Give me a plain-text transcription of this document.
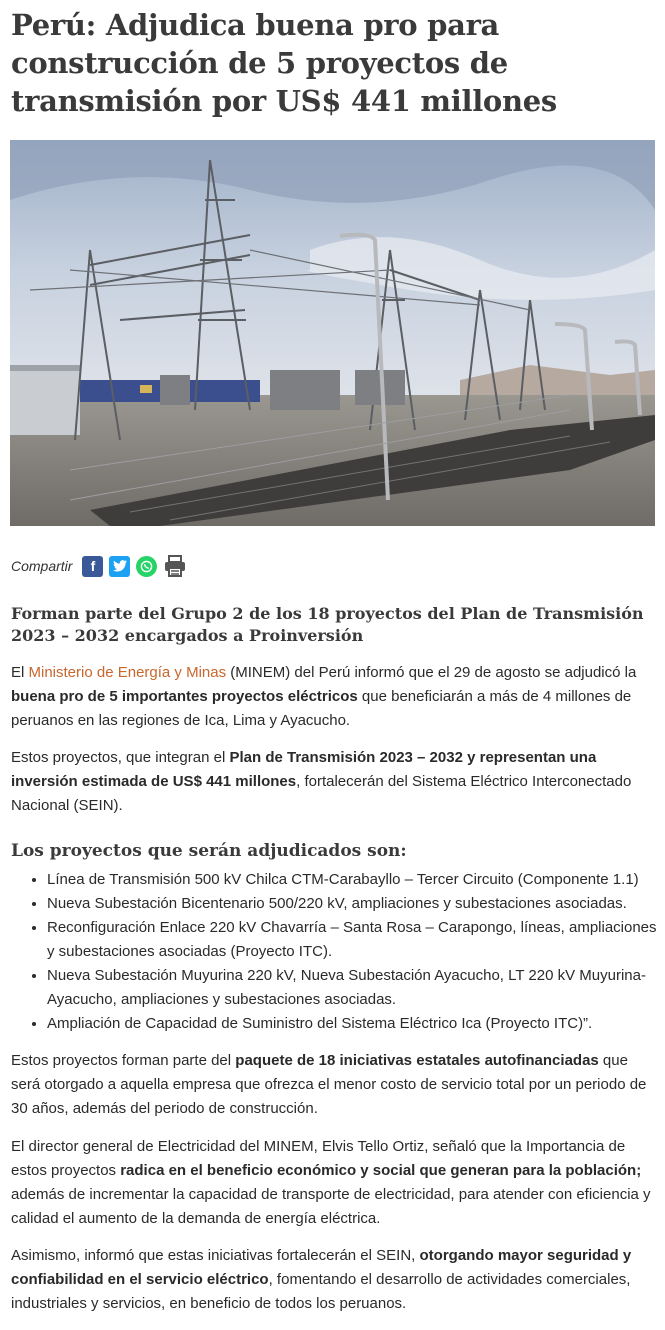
Perú: Adjudica buena pro para construcción de 5 proyectos de transmisión por US$ 441 millones
Compartir	f
Forman parte del Grupo 2 de los 18 proyectos del Plan de Transmisión 2023 – 2032 encargados a Proinversión

El Ministerio de Energía y Minas (MINEM) del Perú informó que el 29 de agosto se adjudicó la buena pro de 5 importantes proyectos eléctricos que beneficiarán a más de 4 millones de peruanos en las regiones de Ica, Lima y Ayacucho.

Estos proyectos, que integran el Plan de Transmisión 2023 – 2032 y representan una inversión estimada de US$ 441 millones, fortalecerán del Sistema Eléctrico Interconectado Nacional (SEIN).

Los proyectos que serán adjudicados son:
• Línea de Transmisión 500 kV Chilca CTM-Carabayllo – Tercer Circuito (Componente 1.1)
• Nueva Subestación Bicentenario 500/220 kV, ampliaciones y subestaciones asociadas.
• Reconfiguración Enlace 220 kV Chavarría – Santa Rosa – Carapongo, líneas, ampliaciones y subestaciones asociadas (Proyecto ITC).
• Nueva Subestación Muyurina 220 kV, Nueva Subestación Ayacucho, LT 220 kV Muyurina-Ayacucho, ampliaciones y subestaciones asociadas.
• Ampliación de Capacidad de Suministro del Sistema Eléctrico Ica (Proyecto ITC)”.

Estos proyectos forman parte del paquete de 18 iniciativas estatales autofinanciadas que será otorgado a aquella empresa que ofrezca el menor costo de servicio total por un periodo de 30 años, además del periodo de construcción.

El director general de Electricidad del MINEM, Elvis Tello Ortiz, señaló que la Importancia de estos proyectos radica en el beneficio económico y social que generan para la población; además de incrementar la capacidad de transporte de electricidad, para atender con eficiencia y calidad el aumento de la demanda de energía eléctrica.

Asimismo, informó que estas iniciativas fortalecerán el SEIN, otorgando mayor seguridad y confiabilidad en el servicio eléctrico, fomentando el desarrollo de actividades comerciales, industriales y servicios, en beneficio de todos los peruanos.
